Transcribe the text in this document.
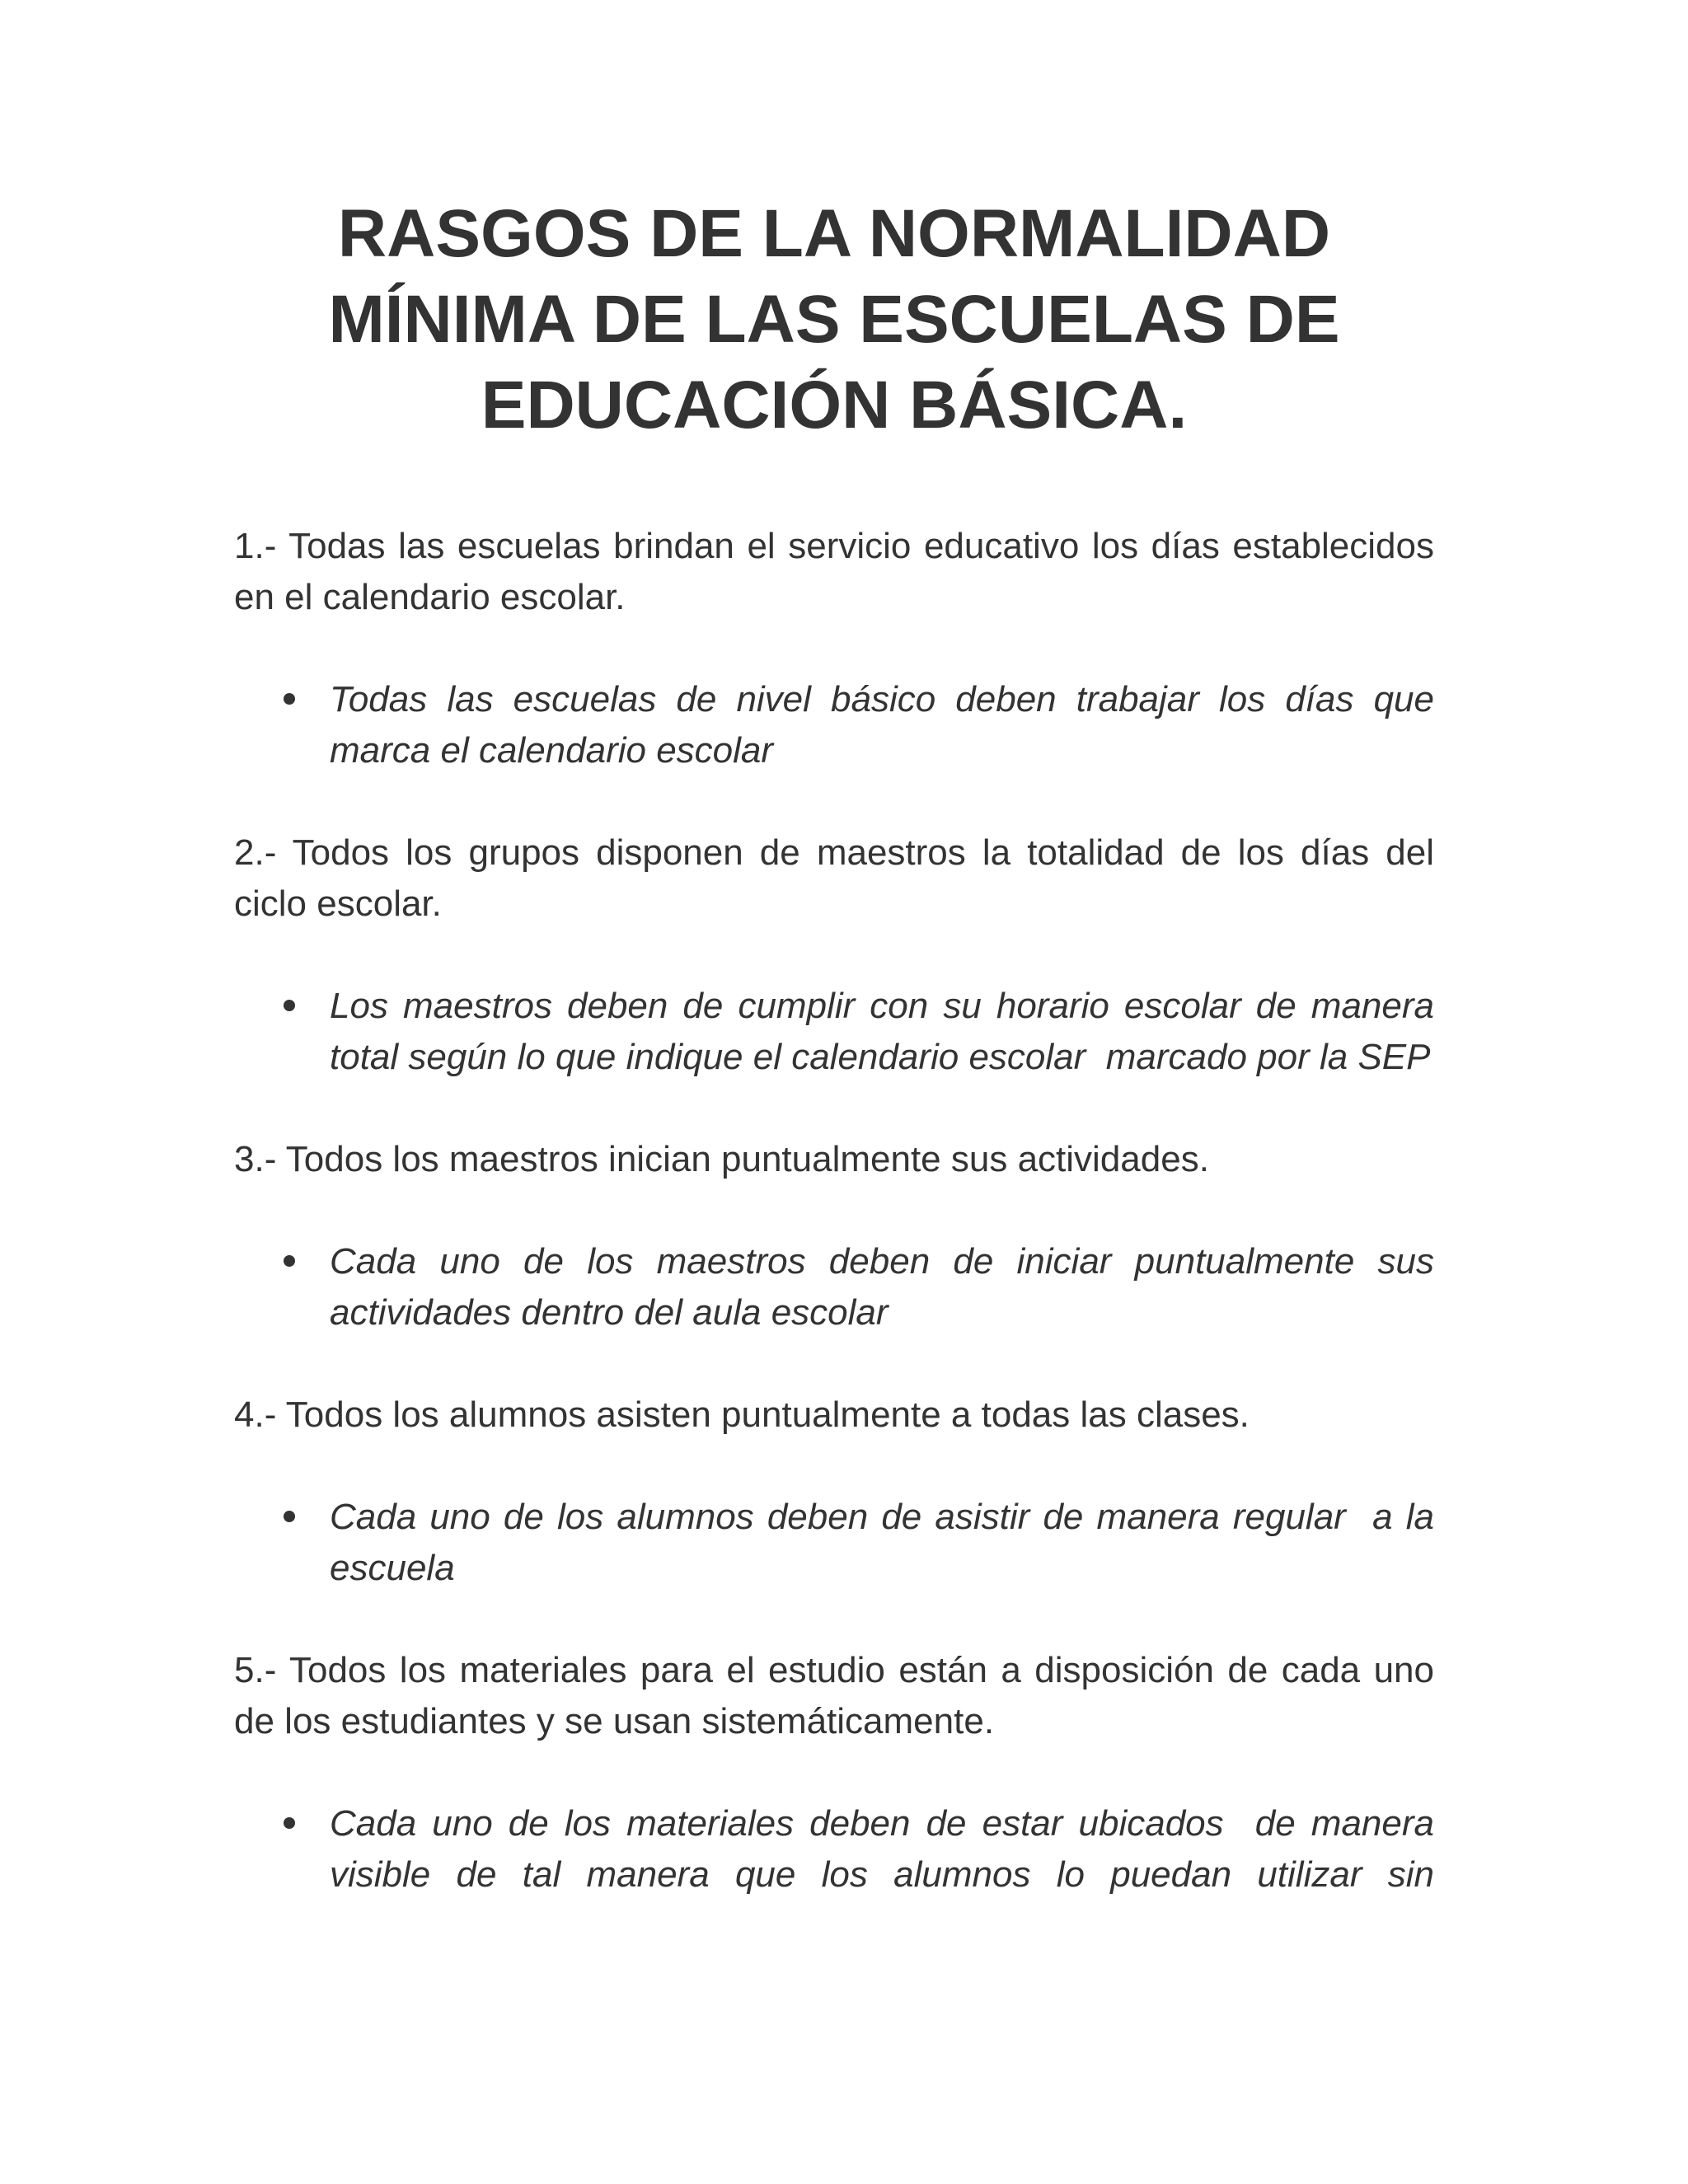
RASGOS DE LA NORMALIDAD
MÍNIMA DE LAS ESCUELAS DE
EDUCACIÓN BÁSICA.

1.- Todas las escuelas brindan el servicio educativo los días establecidos en el calendario escolar.

Todas las escuelas de nivel básico deben trabajar los días que marca el calendario escolar

2.- Todos los grupos disponen de maestros la totalidad de los días del ciclo escolar.

Los maestros deben de cumplir con su horario escolar de manera total según lo que indique el calendario escolar  marcado por la SEP

3.- Todos los maestros inician puntualmente sus actividades.

Cada uno de los maestros deben de iniciar puntualmente sus actividades dentro del aula escolar

4.- Todos los alumnos asisten puntualmente a todas las clases.

Cada uno de los alumnos deben de asistir de manera regular  a la escuela

5.- Todos los materiales para el estudio están a disposición de cada uno de los estudiantes y se usan sistemáticamente.

Cada uno de los materiales deben de estar ubicados  de manera visible de tal manera que los alumnos lo puedan utilizar sin
